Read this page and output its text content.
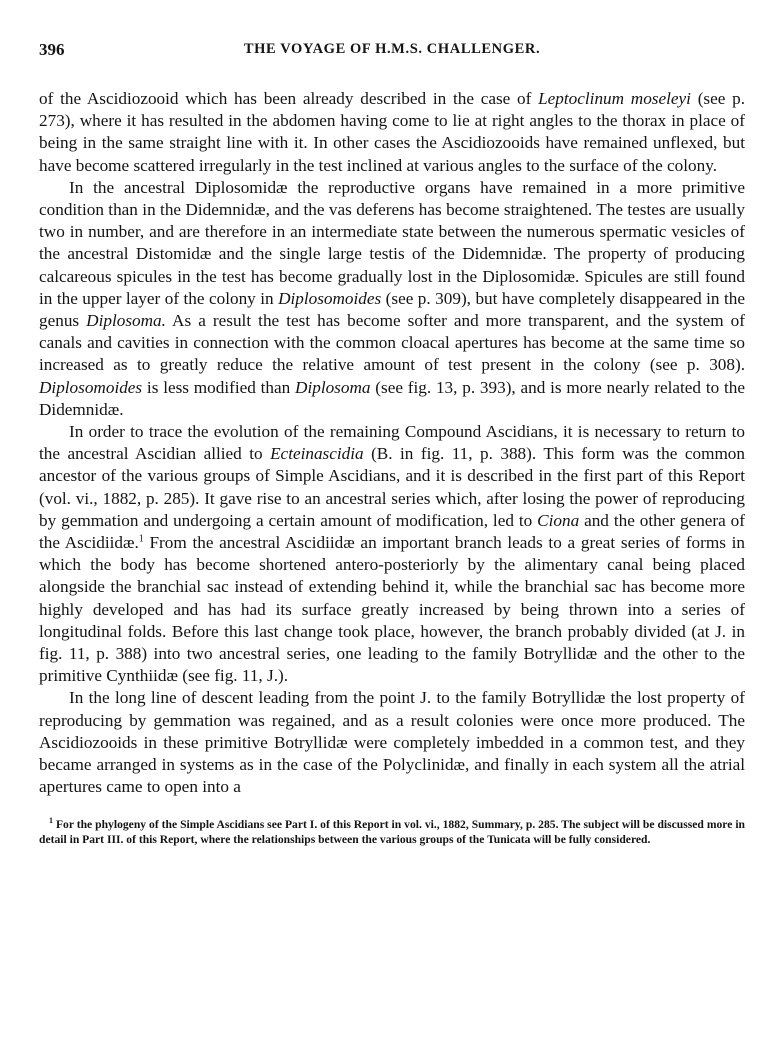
396	THE VOYAGE OF H.M.S. CHALLENGER.

of the Ascidiozooid which has been already described in the case of Leptoclinum moseleyi (see p. 273), where it has resulted in the abdomen having come to lie at right angles to the thorax in place of being in the same straight line with it. In other cases the Ascidiozooids have remained unflexed, but have become scattered irregularly in the test inclined at various angles to the surface of the colony.

In the ancestral Diplosomidæ the reproductive organs have remained in a more primitive condition than in the Didemnidæ, and the vas deferens has become straightened. The testes are usually two in number, and are therefore in an intermediate state between the numerous spermatic vesicles of the ancestral Distomidæ and the single large testis of the Didemnidæ. The property of producing calcareous spicules in the test has become gradually lost in the Diplosomidæ. Spicules are still found in the upper layer of the colony in Diplosomoides (see p. 309), but have completely disappeared in the genus Diplosoma. As a result the test has become softer and more transparent, and the system of canals and cavities in connection with the common cloacal apertures has become at the same time so increased as to greatly reduce the relative amount of test present in the colony (see p. 308). Diplosomoides is less modified than Diplosoma (see fig. 13, p. 393), and is more nearly related to the Didemnidæ.

In order to trace the evolution of the remaining Compound Ascidians, it is necessary to return to the ancestral Ascidian allied to Ecteinascidia (B. in fig. 11, p. 388). This form was the common ancestor of the various groups of Simple Ascidians, and it is described in the first part of this Report (vol. vi., 1882, p. 285). It gave rise to an ancestral series which, after losing the power of reproducing by gemmation and undergoing a certain amount of modification, led to Ciona and the other genera of the Ascidiidæ.$^1$ From the ancestral Ascidiidæ an important branch leads to a great series of forms in which the body has become shortened antero-posteriorly by the alimentary canal being placed alongside the branchial sac instead of extending behind it, while the branchial sac has become more highly developed and has had its surface greatly increased by being thrown into a series of longitudinal folds. Before this last change took place, however, the branch probably divided (at J. in fig. 11, p. 388) into two ancestral series, one leading to the family Botryllidæ and the other to the primitive Cynthiidæ (see fig. 11, J.).

In the long line of descent leading from the point J. to the family Botryllidæ the lost property of reproducing by gemmation was regained, and as a result colonies were once more produced. The Ascidiozooids in these primitive Botryllidæ were completely imbedded in a common test, and they became arranged in systems as in the case of the Polyclinidæ, and finally in each system all the atrial apertures came to open into a

$^1$ For the phylogeny of the Simple Ascidians see Part I. of this Report in vol. vi., 1882, Summary, p. 285. The subject will be discussed more in detail in Part III. of this Report, where the relationships between the various groups of the Tunicata will be fully considered.
